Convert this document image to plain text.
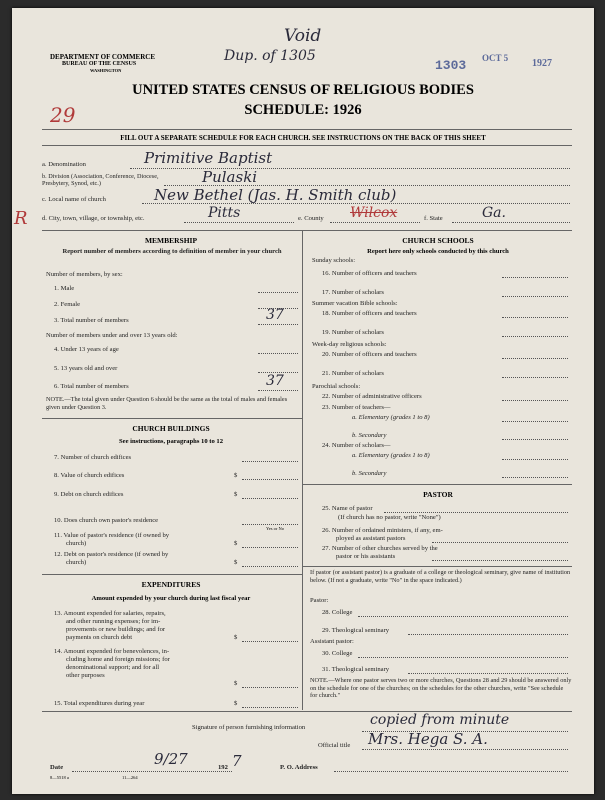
DEPARTMENT OF COMMERCE
BUREAU OF THE CENSUS
WASHINGTON
Void
Dup. of 1305
1303 OCT 5 1927
29
UNITED STATES CENSUS OF RELIGIOUS BODIES
SCHEDULE: 1926
FILL OUT A SEPARATE SCHEDULE FOR EACH CHURCH. SEE INSTRUCTIONS ON THE BACK OF THIS SHEET
a. Denomination	Primitive Baptist
b. Division (Association, Conference, Diocese, Presbytery, Synod, etc.)	Pulaski
c. Local name of church	New Bethel (Jas. H. Smith club)
R d. City, town, village, or township, etc.	Pitts	e. County Wilcox	f. State	Ga.
MEMBERSHIP
Report number of members according to definition of member in your church
Number of members, by sex:
1. Male
2. Female
3. Total number of members	37
Number of members under and over 13 years old:
4. Under 13 years of age
5. 13 years old and over
6. Total number of members	37
NOTE.—The total given under Question 6 should be the same as the total of males and females given under Question 3.
CHURCH BUILDINGS
See instructions, paragraphs 10 to 12
7. Number of church edifices
8. Value of church edifices	$
9. Debt on church edifices	$
10. Does church own pastor's residence
Yes or No
11. Value of pastor's residence (if owned by
church)	$
12. Debt on pastor's residence (if owned by
church)	$
EXPENDITURES
Amount expended by your church during last fiscal year
13. Amount expended for salaries, repairs,
and other running expenses; for im-
provements or new buildings; and for
payments on church debt	$
14. Amount expended for benevolences, in-
cluding home and foreign missions; for
denominational support; and for all
other purposes
$
15. Total expenditures during year	$
CHURCH SCHOOLS
Report here only schools conducted by this church
Sunday schools:
16. Number of officers and teachers
17. Number of scholars
Summer vacation Bible schools:
18. Number of officers and teachers
19. Number of scholars
Week-day religious schools:
20. Number of officers and teachers
21. Number of scholars
Parochial schools:
22. Number of administrative officers
23. Number of teachers—
a. Elementary (grades 1 to 8)
b. Secondary
24. Number of scholars—
a. Elementary (grades 1 to 8)
b. Secondary
PASTOR
25. Name of pastor
(If church has no pastor, write "None")
26. Number of ordained ministers, if any, em-
ployed as assistant pastors
27. Number of other churches served by the
pastor or his assistants
If pastor (or assistant pastor) is a graduate of a college or theological seminary, give name of institution below. (If not a graduate, write "No" in the space indicated.)
Pastor:
28. College
29. Theological seminary
Assistant pastor:
30. College
31. Theological seminary
NOTE.—Where one pastor serves two or more churches, Questions 28 and 29 should be answered only on the schedule for one of the churches; on the schedules for the other churches, write "See schedule for church."
Signature of person furnishing information	copied from minute
Official title Mrs. Hega S. A.
Date	9/27	192 7	P. O. Address
8—5518 a	11—264
